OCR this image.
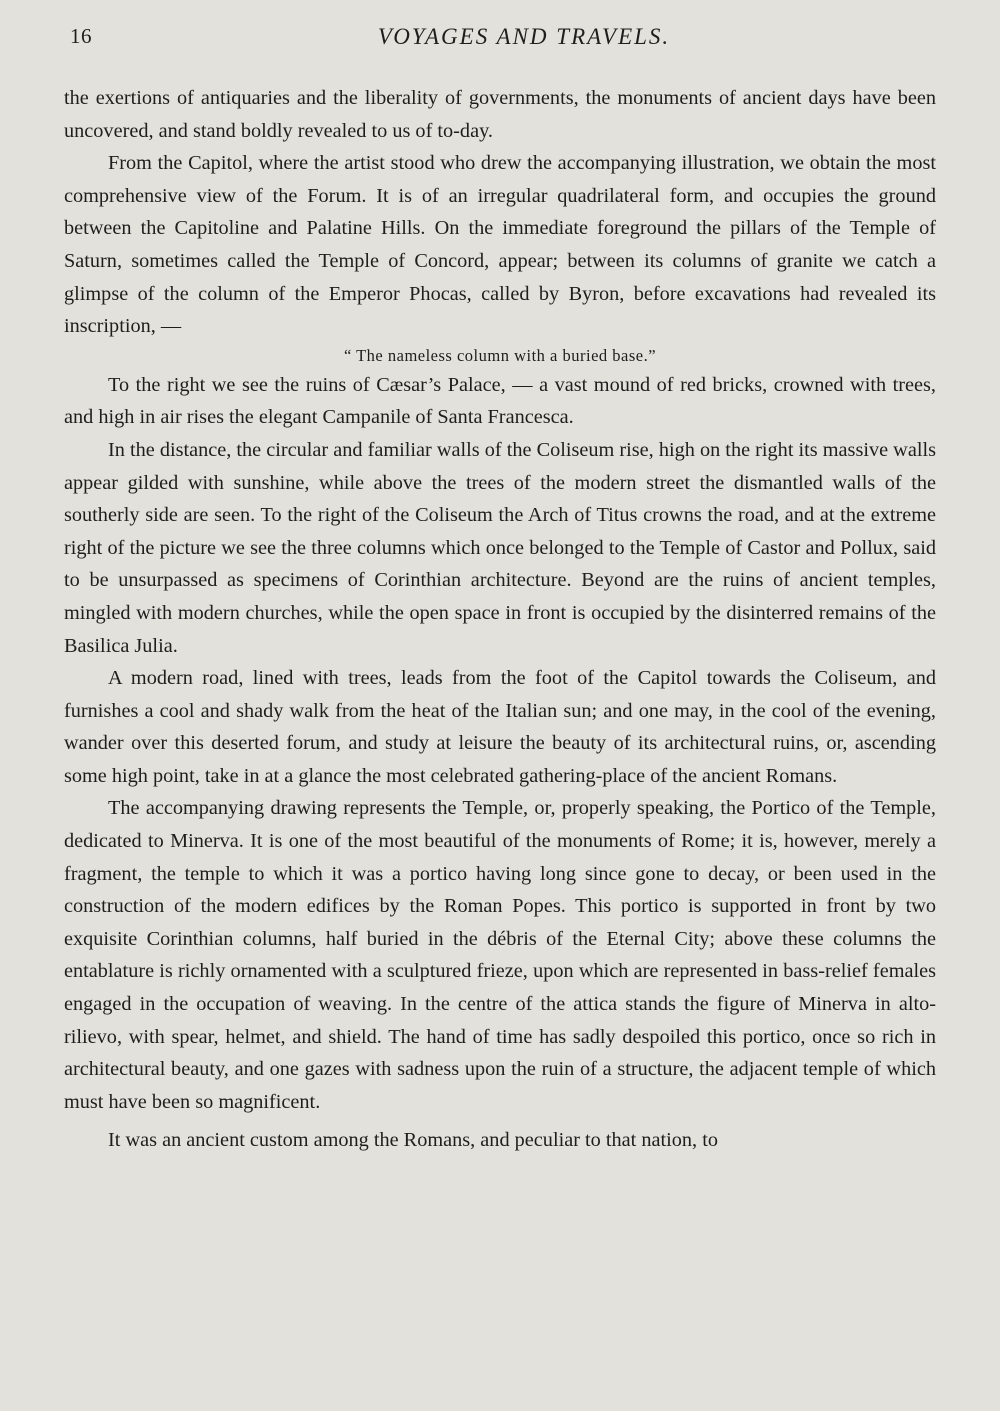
16	VOYAGES AND TRAVELS.

the exertions of antiquaries and the liberality of governments, the monuments of ancient days have been uncovered, and stand boldly revealed to us of to-day.

From the Capitol, where the artist stood who drew the accompanying illustration, we obtain the most comprehensive view of the Forum. It is of an irregular quadrilateral form, and occupies the ground between the Capitoline and Palatine Hills. On the immediate foreground the pillars of the Temple of Saturn, sometimes called the Temple of Concord, appear; between its columns of granite we catch a glimpse of the column of the Emperor Phocas, called by Byron, before excavations had revealed its inscription, —

“ The nameless column with a buried base.”

To the right we see the ruins of Cæsar’s Palace, — a vast mound of red bricks, crowned with trees, and high in air rises the elegant Campanile of Santa Francesca.

In the distance, the circular and familiar walls of the Coliseum rise, high on the right its massive walls appear gilded with sunshine, while above the trees of the modern street the dismantled walls of the southerly side are seen. To the right of the Coliseum the Arch of Titus crowns the road, and at the extreme right of the picture we see the three columns which once belonged to the Temple of Castor and Pollux, said to be unsurpassed as specimens of Corinthian architecture. Beyond are the ruins of ancient temples, mingled with modern churches, while the open space in front is occupied by the disinterred remains of the Basilica Julia.

A modern road, lined with trees, leads from the foot of the Capitol towards the Coliseum, and furnishes a cool and shady walk from the heat of the Italian sun; and one may, in the cool of the evening, wander over this deserted forum, and study at leisure the beauty of its architectural ruins, or, ascending some high point, take in at a glance the most celebrated gathering-place of the ancient Romans.

The accompanying drawing represents the Temple, or, properly speaking, the Portico of the Temple, dedicated to Minerva. It is one of the most beautiful of the monuments of Rome; it is, however, merely a fragment, the temple to which it was a portico having long since gone to decay, or been used in the construction of the modern edifices by the Roman Popes. This portico is supported in front by two exquisite Corinthian columns, half buried in the débris of the Eternal City; above these columns the entablature is richly ornamented with a sculptured frieze, upon which are represented in bass-relief females engaged in the occupation of weaving. In the centre of the attica stands the figure of Minerva in alto-rilievo, with spear, helmet, and shield. The hand of time has sadly despoiled this portico, once so rich in architectural beauty, and one gazes with sadness upon the ruin of a structure, the adjacent temple of which must have been so magnificent.

It was an ancient custom among the Romans, and peculiar to that nation, to
